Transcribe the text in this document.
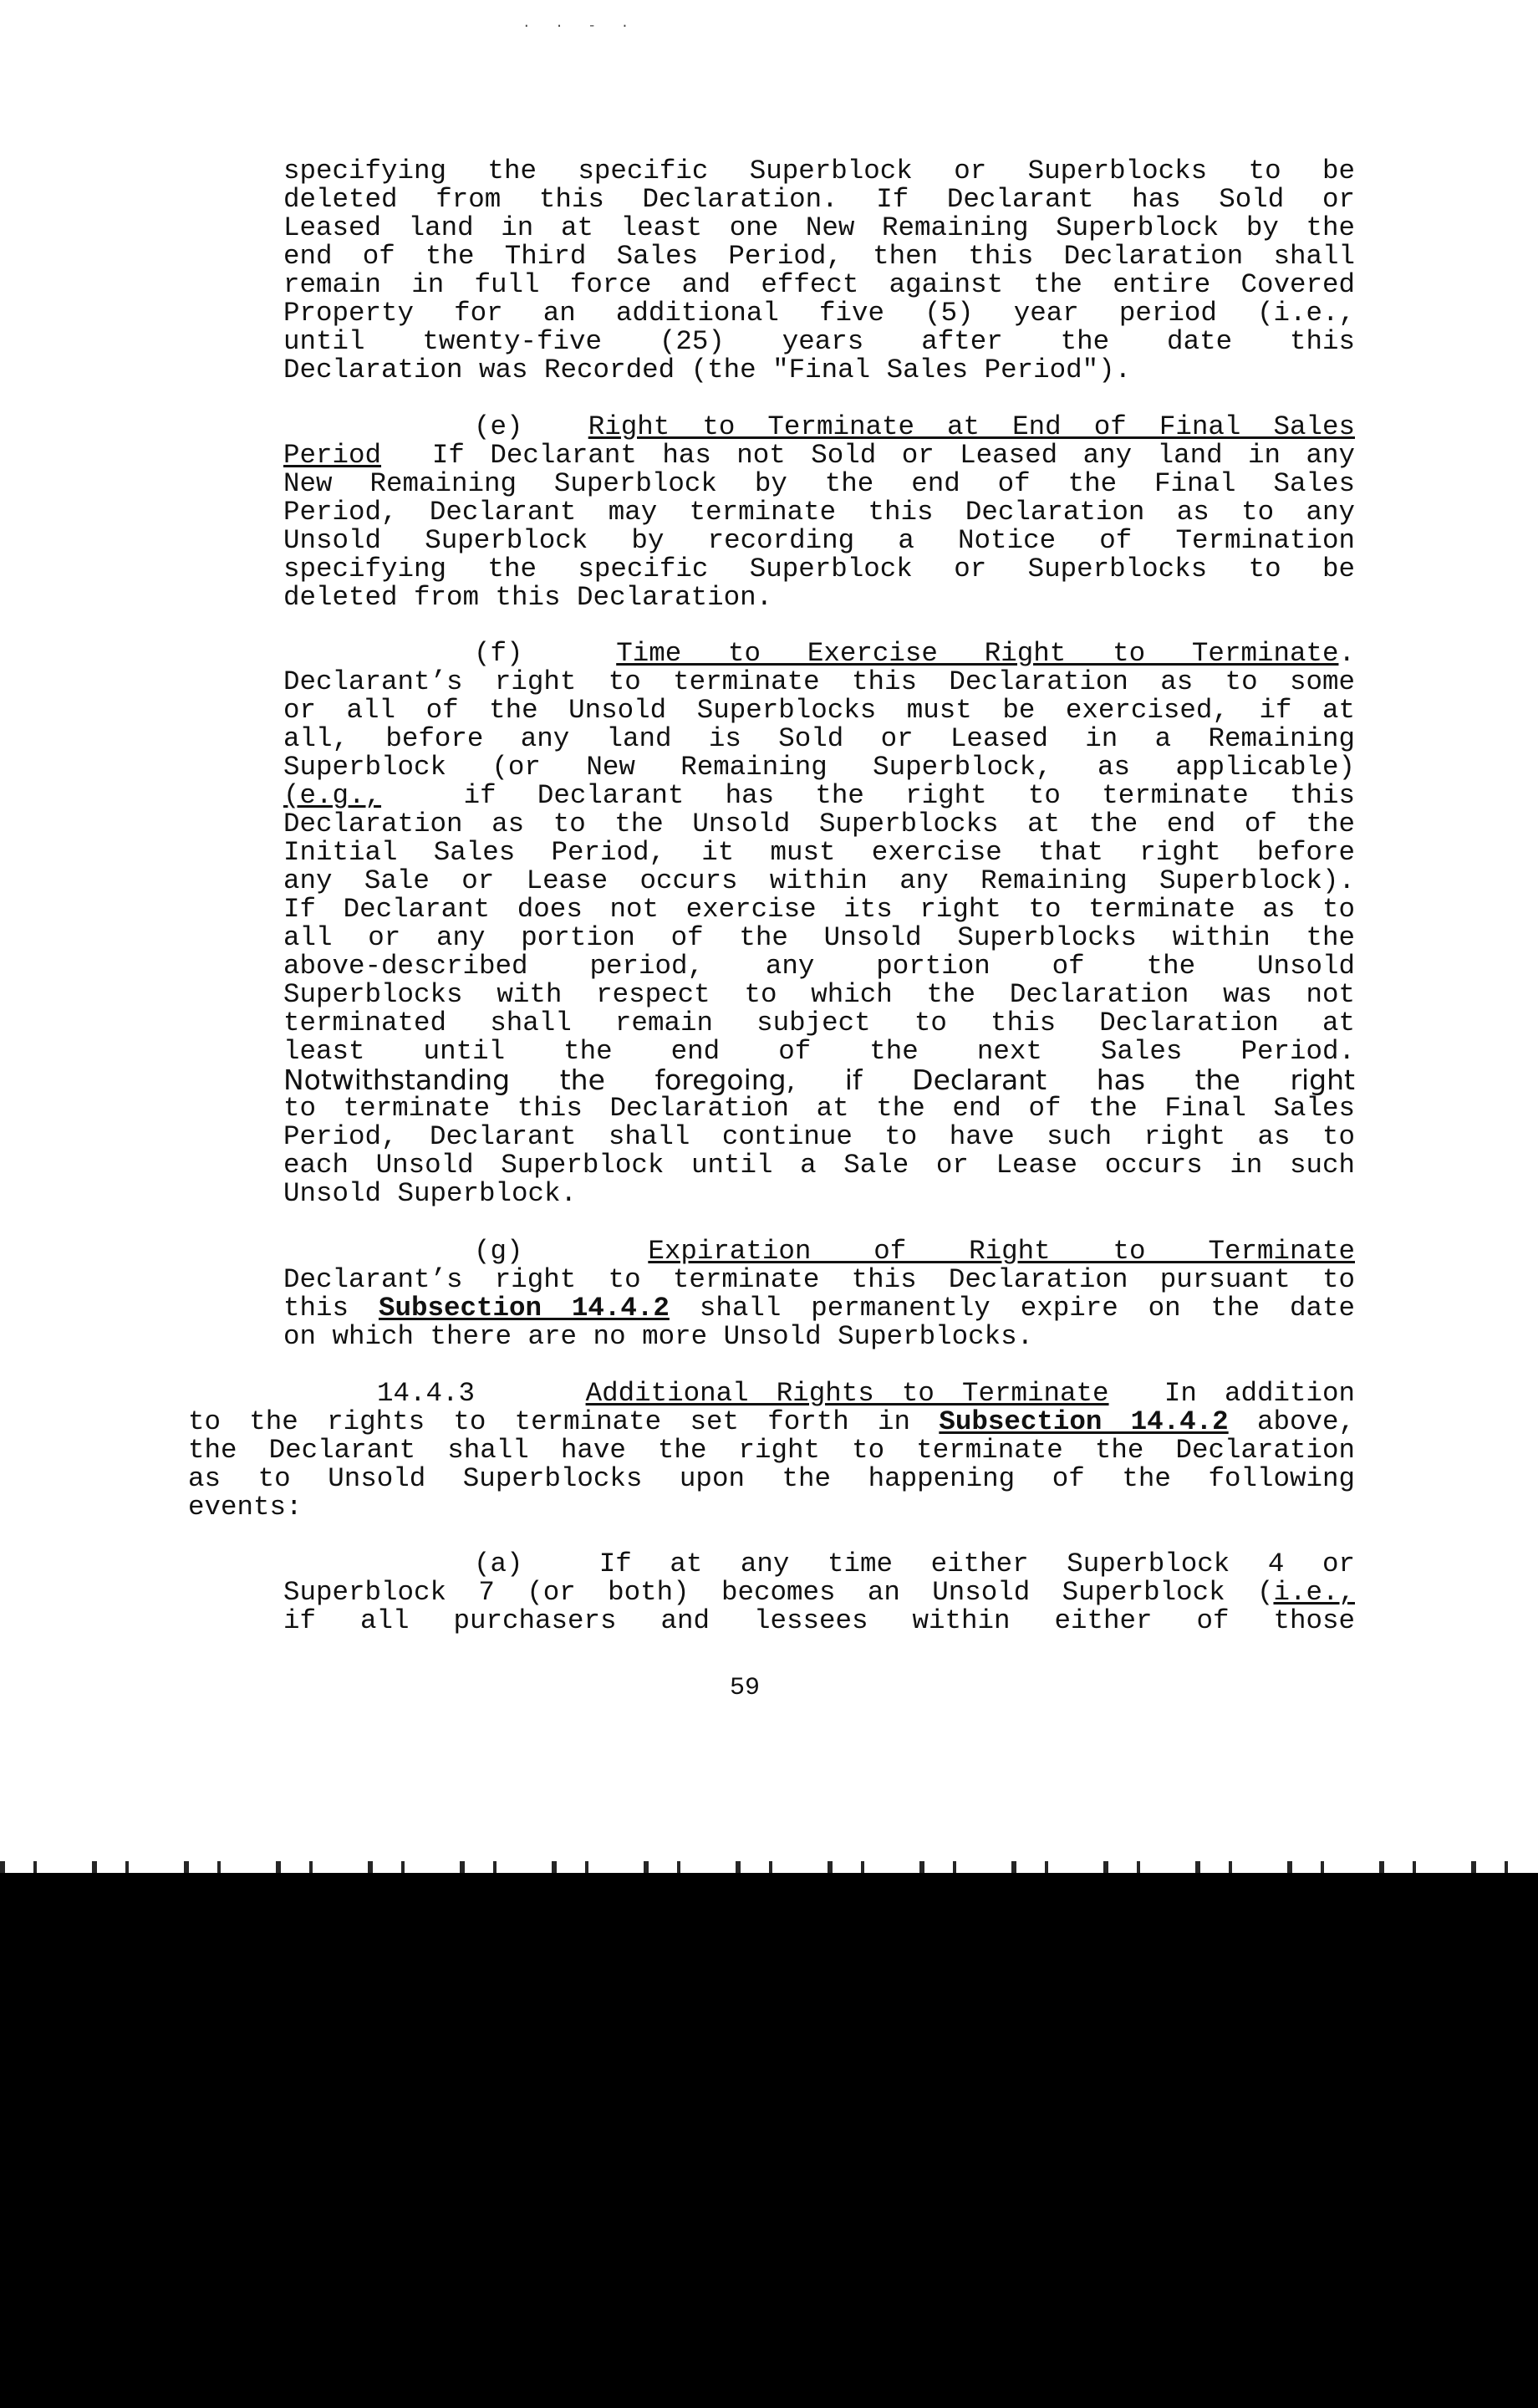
· · ‑ ·
specifying the specific Superblock or Superblocks to be
deleted from this Declaration. If Declarant has Sold or
Leased land in at least one New Remaining Superblock by the
end of the Third Sales Period, then this Declaration shall
remain in full force and effect against the entire Covered
Property for an additional five (5) year period (i.e.,
until twenty-five (25) years after the date this
Declaration was Recorded (the "Final Sales Period").
(e) Right to Terminate at End of Final Sales
Period If Declarant has not Sold or Leased any land in any
New Remaining Superblock by the end of the Final Sales
Period, Declarant may terminate this Declaration as to any
Unsold Superblock by recording a Notice of Termination
specifying the specific Superblock or Superblocks to be
deleted from this Declaration.
(f)	Time to Exercise Right to Terminate.
Declarant’s right to terminate this Declaration as to some
or all of the Unsold Superblocks must be exercised, if at
all, before any land is Sold or Leased in a Remaining
Superblock (or New Remaining Superblock, as applicable)
(e.g.,	if Declarant has the right to terminate this
Declaration as to the Unsold Superblocks at the end of the
Initial Sales Period, it must exercise that right before
any Sale or Lease occurs within any Remaining Superblock).
If Declarant does not exercise its right to terminate as to
all or any portion of the Unsold Superblocks within the
above-described period, any portion of the Unsold
Superblocks with respect to which the Declaration was not
terminated shall remain subject to this Declaration at
least until the end of the next Sales Period.
Notwithstanding the foregoing, if Declarant has the right
to terminate this Declaration at the end of the Final Sales
Period, Declarant shall continue to have such right as to
each Unsold Superblock until a Sale or Lease occurs in such
Unsold Superblock.
(g)	Expiration of Right to Terminate
Declarant’s right to terminate this Declaration pursuant to
this Subsection 14.4.2 shall permanently expire on the date
on which there are no more Unsold Superblocks.
14.4.3	Additional Rights to Terminate In addition
to the rights to terminate set forth in Subsection 14.4.2 above,
the Declarant shall have the right to terminate the Declaration
as to Unsold Superblocks upon the happening of the following
events:
(a)	If at any time either Superblock 4 or
Superblock 7 (or both) becomes an Unsold Superblock (i.e.,
if all purchasers and lessees within either of those
59
